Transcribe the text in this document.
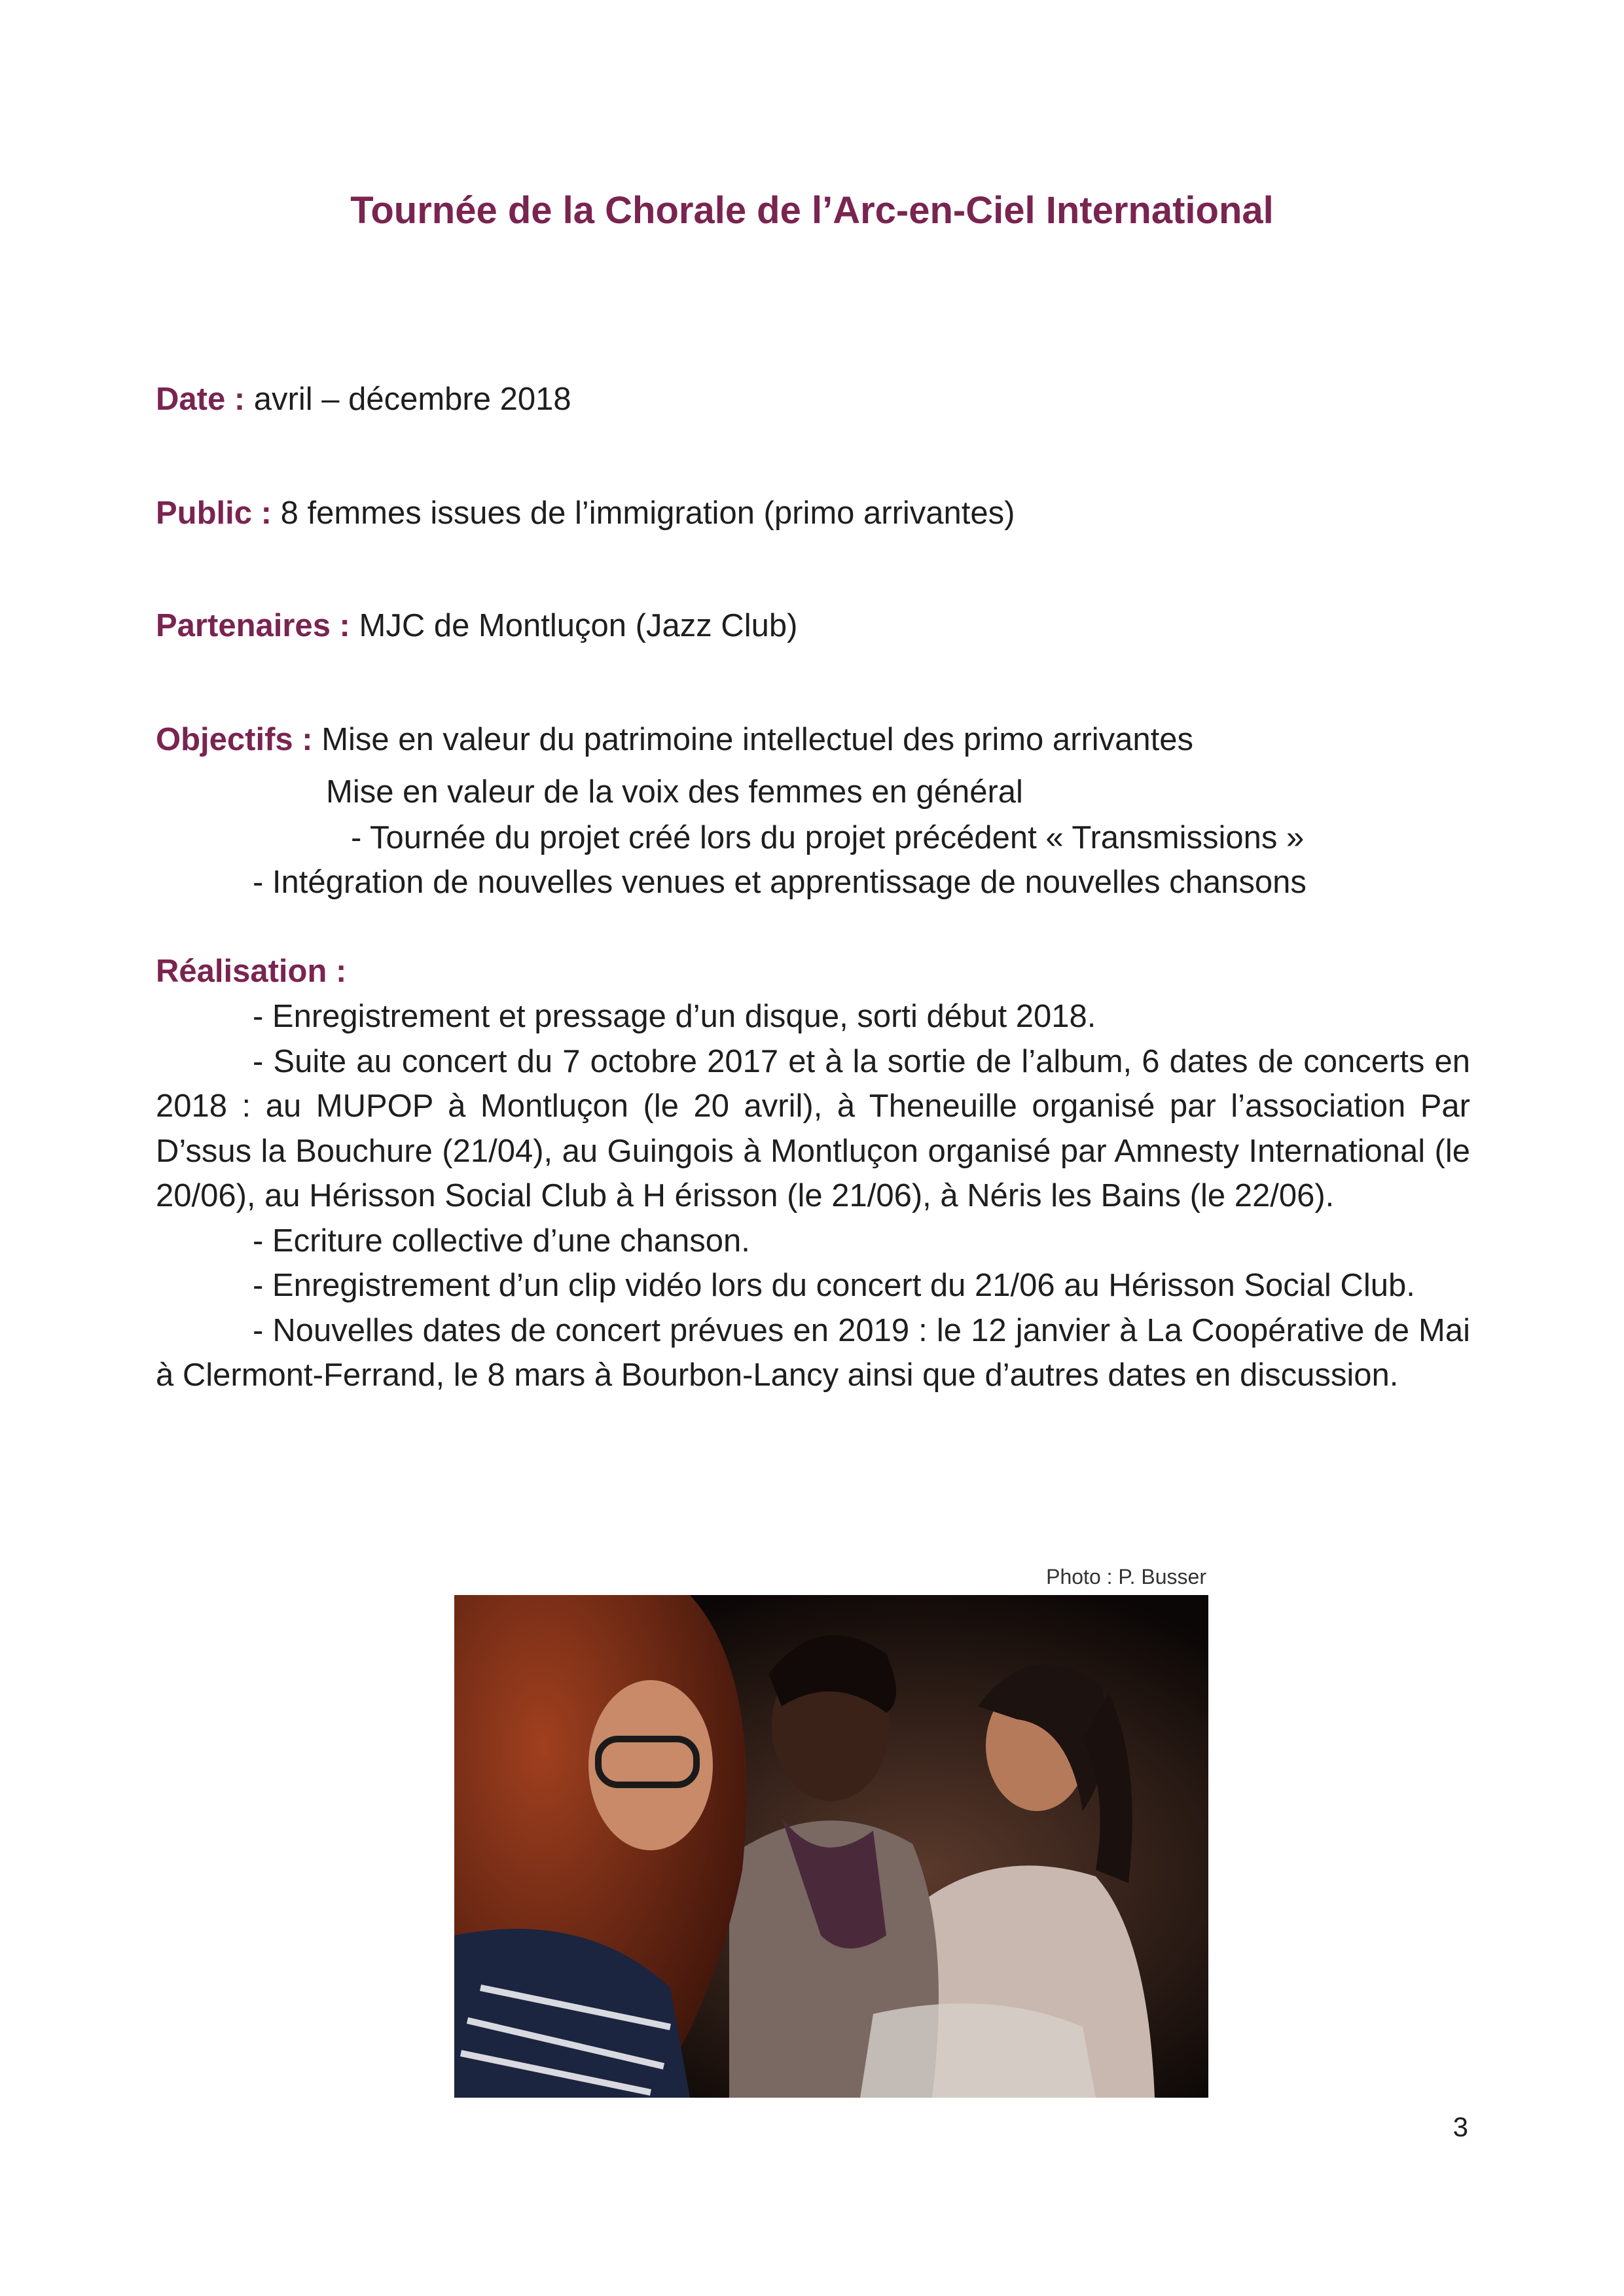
Tournée de la Chorale de l’Arc-en-Ciel International
Date : avril – décembre 2018
Public : 8 femmes issues de l’immigration (primo arrivantes)
Partenaires : MJC de Montluçon (Jazz Club)
Objectifs : Mise en valeur du patrimoine intellectuel des primo arrivantes
Mise en valeur de la voix des femmes en général
- Tournée du projet créé lors du projet précédent « Transmissions »
- Intégration de nouvelles venues et apprentissage de nouvelles chansons
Réalisation :
- Enregistrement et pressage d’un disque, sorti début 2018.
- Suite au concert du 7 octobre 2017 et à la sortie de l’album, 6 dates de concerts en 2018 : au MUPOP à Montluçon (le 20 avril), à Theneuille organisé par l’association Par D’ssus la Bouchure (21/04), au Guingois à Montluçon organisé par Amnesty International (le 20/06), au Hérisson Social Club à H érisson (le 21/06), à Néris les Bains (le 22/06).
- Ecriture collective d’une chanson.
- Enregistrement d’un clip vidéo lors du concert du 21/06 au Hérisson Social Club.
- Nouvelles dates de concert prévues en 2019 : le 12 janvier à La Coopérative de Mai à Clermont-Ferrand, le 8 mars à Bourbon-Lancy ainsi que d’autres dates en discussion.
Photo : P. Busser
3
